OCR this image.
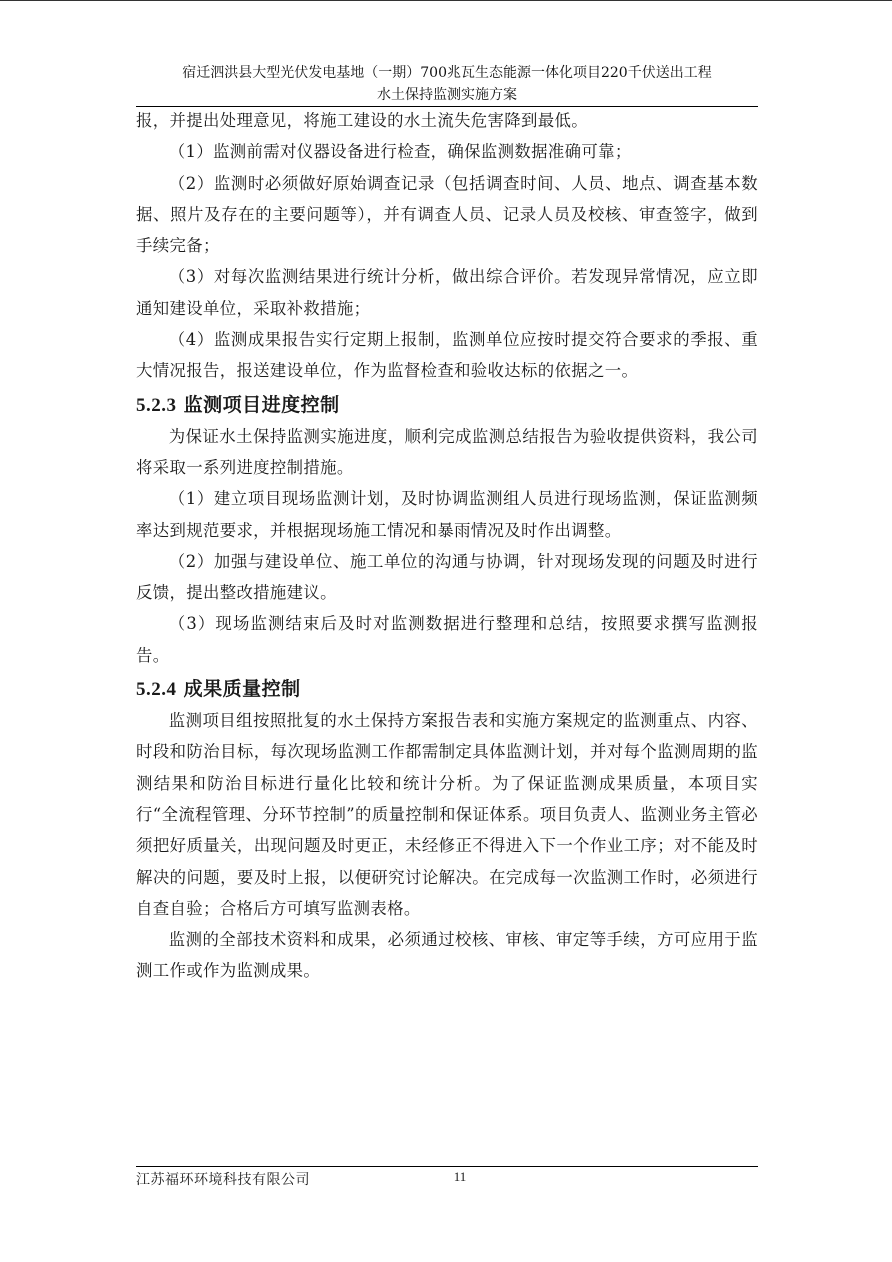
宿迁泗洪县大型光伏发电基地（一期）700兆瓦生态能源一体化项目220千伏送出工程
水土保持监测实施方案

报，并提出处理意见，将施工建设的水土流失危害降到最低。

（1）监测前需对仪器设备进行检查，确保监测数据准确可靠；

（2）监测时必须做好原始调查记录（包括调查时间、人员、地点、调查基本数据、照片及存在的主要问题等），并有调查人员、记录人员及校核、审查签字，做到手续完备；

（3）对每次监测结果进行统计分析，做出综合评价。若发现异常情况，应立即通知建设单位，采取补救措施；

（4）监测成果报告实行定期上报制，监测单位应按时提交符合要求的季报、重大情况报告，报送建设单位，作为监督检查和验收达标的依据之一。

5.2.3 监测项目进度控制

为保证水土保持监测实施进度，顺利完成监测总结报告为验收提供资料，我公司将采取一系列进度控制措施。

（1）建立项目现场监测计划，及时协调监测组人员进行现场监测，保证监测频率达到规范要求，并根据现场施工情况和暴雨情况及时作出调整。

（2）加强与建设单位、施工单位的沟通与协调，针对现场发现的问题及时进行反馈，提出整改措施建议。

（3）现场监测结束后及时对监测数据进行整理和总结，按照要求撰写监测报告。

5.2.4 成果质量控制

监测项目组按照批复的水土保持方案报告表和实施方案规定的监测重点、内容、时段和防治目标，每次现场监测工作都需制定具体监测计划，并对每个监测周期的监测结果和防治目标进行量化比较和统计分析。为了保证监测成果质量，本项目实行“全流程管理、分环节控制”的质量控制和保证体系。项目负责人、监测业务主管必须把好质量关，出现问题及时更正，未经修正不得进入下一个作业工序；对不能及时解决的问题，要及时上报，以便研究讨论解决。在完成每一次监测工作时，必须进行自查自验；合格后方可填写监测表格。

监测的全部技术资料和成果，必须通过校核、审核、审定等手续，方可应用于监测工作或作为监测成果。

江苏福环环境科技有限公司	11
